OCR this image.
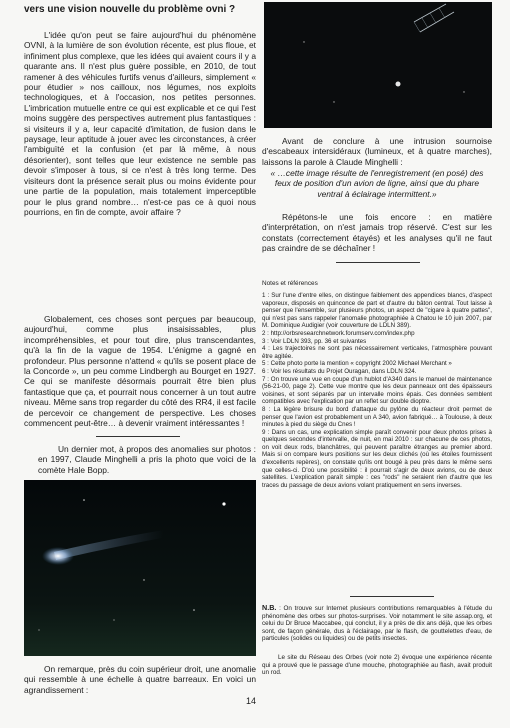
vers une vision nouvelle du problème ovni ?
L'idée qu'on peut se faire aujourd'hui du phénomène OVNI, à la lumière de son évolution récente, est plus floue, et infiniment plus complexe, que les idées qui avaient cours il y a quarante ans. Il n'est plus guère possible, en 2010, de tout ramener à des véhicules furtifs venus d'ailleurs, simplement « pour étudier » nos cailloux, nos légumes, nos exploits technologiques, et à l'occasion, nos petites personnes. L'imbrication mutuelle entre ce qui est explicable et ce qui l'est moins suggère des perspectives autrement plus fantastiques : si visiteurs il y a, leur capacité d'imitation, de fusion dans le paysage, leur aptitude à jouer avec les circonstances, à créer l'ambiguïté et la confusion (et par là même, à nous désorienter), sont telles que leur existence ne semble pas devoir s'imposer à tous, si ce n'est à très long terme. Des visiteurs dont la présence serait plus ou moins évidente pour une partie de la population, mais totalement imperceptible pour le plus grand nombre… n'est-ce pas ce à quoi nous pourrions, en fin de compte, avoir affaire ?
Globalement, ces choses sont perçues par beaucoup, aujourd'hui, comme plus insaisissables, plus incompréhensibles, et pour tout dire, plus transcendantes, qu'à la fin de la vague de 1954. L'énigme a gagné en profondeur. Plus personne n'attend « qu'ils se posent place de la Concorde », un peu comme Lindbergh au Bourget en 1927. Ce qui se manifeste désormais pourrait être bien plus fantastique que ça, et pourrait nous concerner à un tout autre niveau. Même sans trop regarder du côté des RR4, il est facile de percevoir ce changement de perspective. Les choses commencent peut-être… à devenir vraiment intéressantes !
Un dernier mot, à propos des anomalies sur photos : en 1997, Claude Minghelli a pris la photo que voici de la comète Hale Bopp.
On remarque, près du coin supérieur droit, une anomalie qui ressemble à une échelle à quatre barreaux. En voici un agrandissement :
Avant de conclure à une intrusion sournoise d'escabeaux intersidéraux (lumineux, et à quatre marches), laissons la parole à Claude Minghelli :
« …cette image résulte de l'enregistrement (en posé) des feux de position d'un avion de ligne, ainsi que du phare ventral à éclairage intermittent.»
Répétons-le une fois encore : en matière d'interprétation, on n'est jamais trop réservé. C'est sur les constats (correctement étayés) et les analyses qu'il ne faut pas craindre de se déchaîner !
Notes et références
1 : Sur l'une d'entre elles, on distingue faiblement des appendices blancs, d'aspect vaporeux, disposés en quinconce de part et d'autre du bâton central. Tout laisse à penser que l'ensemble, sur plusieurs photos, un aspect de "cigare à quatre pattes", qui n'est pas sans rappeler l'anomalie photographiée à Chatou le 10 juin 2007, par M. Dominique Audigier (voir couverture de LDLN 389).
2 : http://orbsresearchnetwork.forumserv.com/index.php
3 : Voir LDLN 393, pp. 36 et suivantes
4 : Les trajectoires ne sont pas nécessairement verticales, l'atmosphère pouvant être agitée.
5 : Cette photo porte la mention « copyright 2002 Michael Merchant »
6 : Voir les résultats du Projet Ouragan, dans LDLN 324.
7 : On trouve une vue en coupe d'un hublot d'A340 dans le manuel de maintenance (56-21-00, page 2). Cette vue montre que les deux panneaux ont des épaisseurs voisines, et sont séparés par un intervalle moins épais. Ces données semblent compatibles avec l'explication par un reflet sur double dioptre.
8 : La légère brisure du bord d'attaque du pylône du réacteur droit permet de penser que l'avion est probablement un A 340, avion fabriqué… à Toulouse, à deux minutes à pied du siège du Cnes !
9 : Dans un cas, une explication simple paraît convenir pour deux photos prises à quelques secondes d'intervalle, de nuit, en mai 2010 : sur chacune de ces photos, on voit deux rods, blanchâtres, qui peuvent paraître étranges au premier abord. Mais si on compare leurs positions sur les deux clichés (où les étoiles fournissent d'excellents repères), on constate qu'ils ont bougé à peu près dans le même sens que celles-ci. D'où une possibilité : il pourrait s'agir de deux avions, ou de deux satellites. L'explication paraît simple : ces "rods" ne seraient rien d'autre que les traces du passage de deux avions volant pratiquement en sens inverses.
N.B. : On trouve sur Internet plusieurs contributions remarquables à l'étude du phénomène des orbes sur photos-surprises. Voir notamment le site assap.org, et celui du Dr Bruce Maccabee, qui conclut, il y a près de dix ans déjà, que les orbes sont, de façon générale, dus à l'éclairage, par le flash, de gouttelettes d'eau, de particules (solides ou liquides) ou de petits insectes.
Le site du Réseau des Orbes (voir note 2) évoque une expérience récente qui a prouvé que le passage d'une mouche, photographiée au flash, avait produit un rod.
14
